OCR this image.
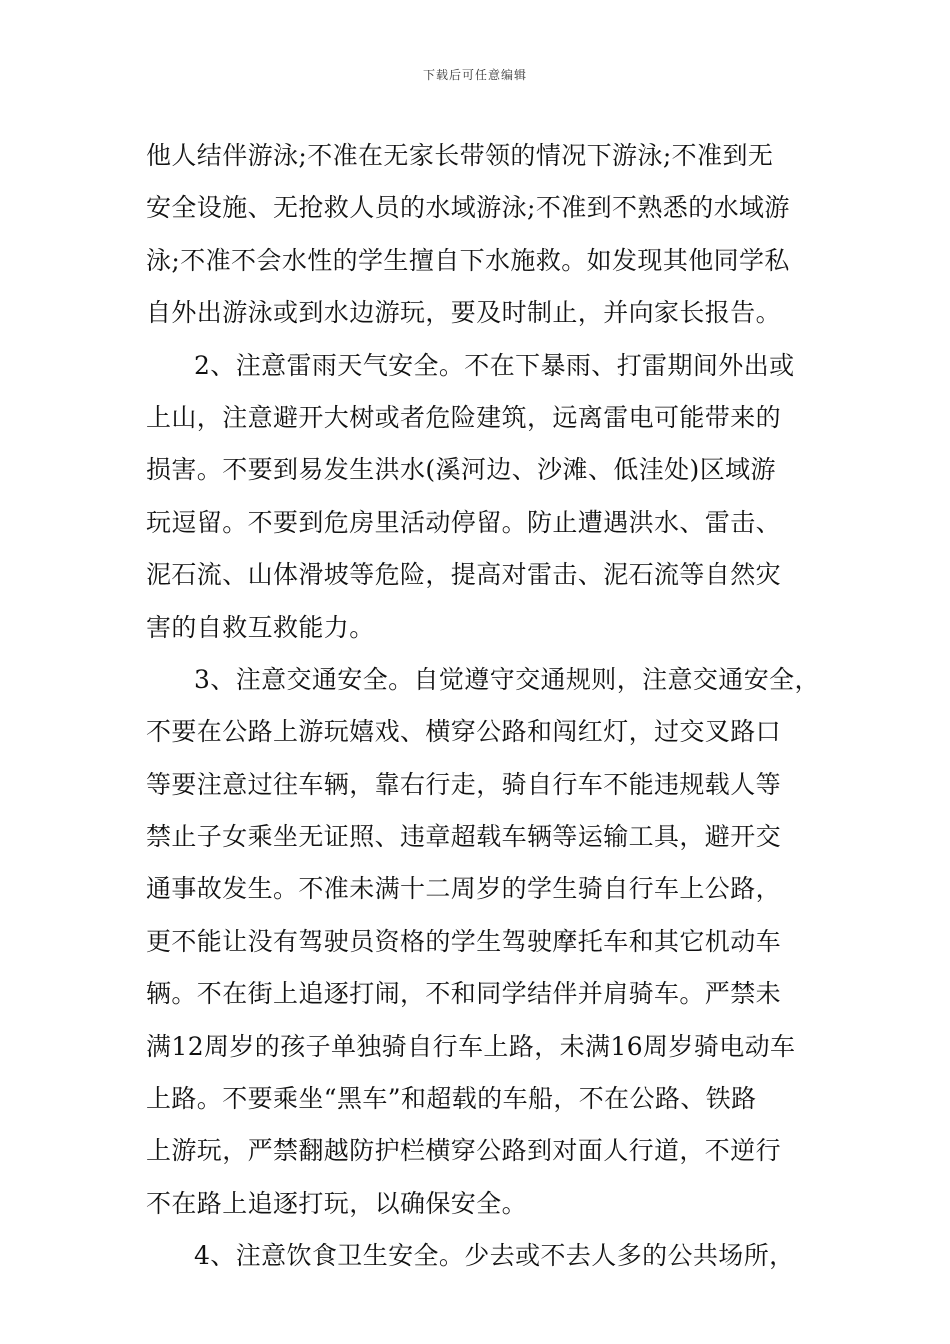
下载后可任意编辑
他人结伴游泳;不准在无家长带领的情况下游泳;不准到无
安全设施、无抢救人员的水域游泳;不准到不熟悉的水域游
泳;不准不会水性的学生擅自下水施救。如发现其他同学私
自外出游泳或到水边游玩，要及时制止，并向家长报告。
2、注意雷雨天气安全。不在下暴雨、打雷期间外出或
上山，注意避开大树或者危险建筑，远离雷电可能带来的
损害。不要到易发生洪水(溪河边、沙滩、低洼处)区域游
玩逗留。不要到危房里活动停留。防止遭遇洪水、雷击、
泥石流、山体滑坡等危险，提高对雷击、泥石流等自然灾
害的自救互救能力。
3、注意交通安全。自觉遵守交通规则，注意交通安全，
不要在公路上游玩嬉戏、横穿公路和闯红灯，过交叉路口
等要注意过往车辆，靠右行走，骑自行车不能违规载人等
禁止子女乘坐无证照、违章超载车辆等运输工具，避开交
通事故发生。不准未满十二周岁的学生骑自行车上公路，
更不能让没有驾驶员资格的学生驾驶摩托车和其它机动车
辆。不在街上追逐打闹，不和同学结伴并肩骑车。严禁未
满12周岁的孩子单独骑自行车上路，未满16周岁骑电动车
上路。不要乘坐“黑车”和超载的车船，不在公路、铁路
上游玩，严禁翻越防护栏横穿公路到对面人行道，不逆行
不在路上追逐打玩，以确保安全。
4、注意饮食卫生安全。少去或不去人多的公共场所，
